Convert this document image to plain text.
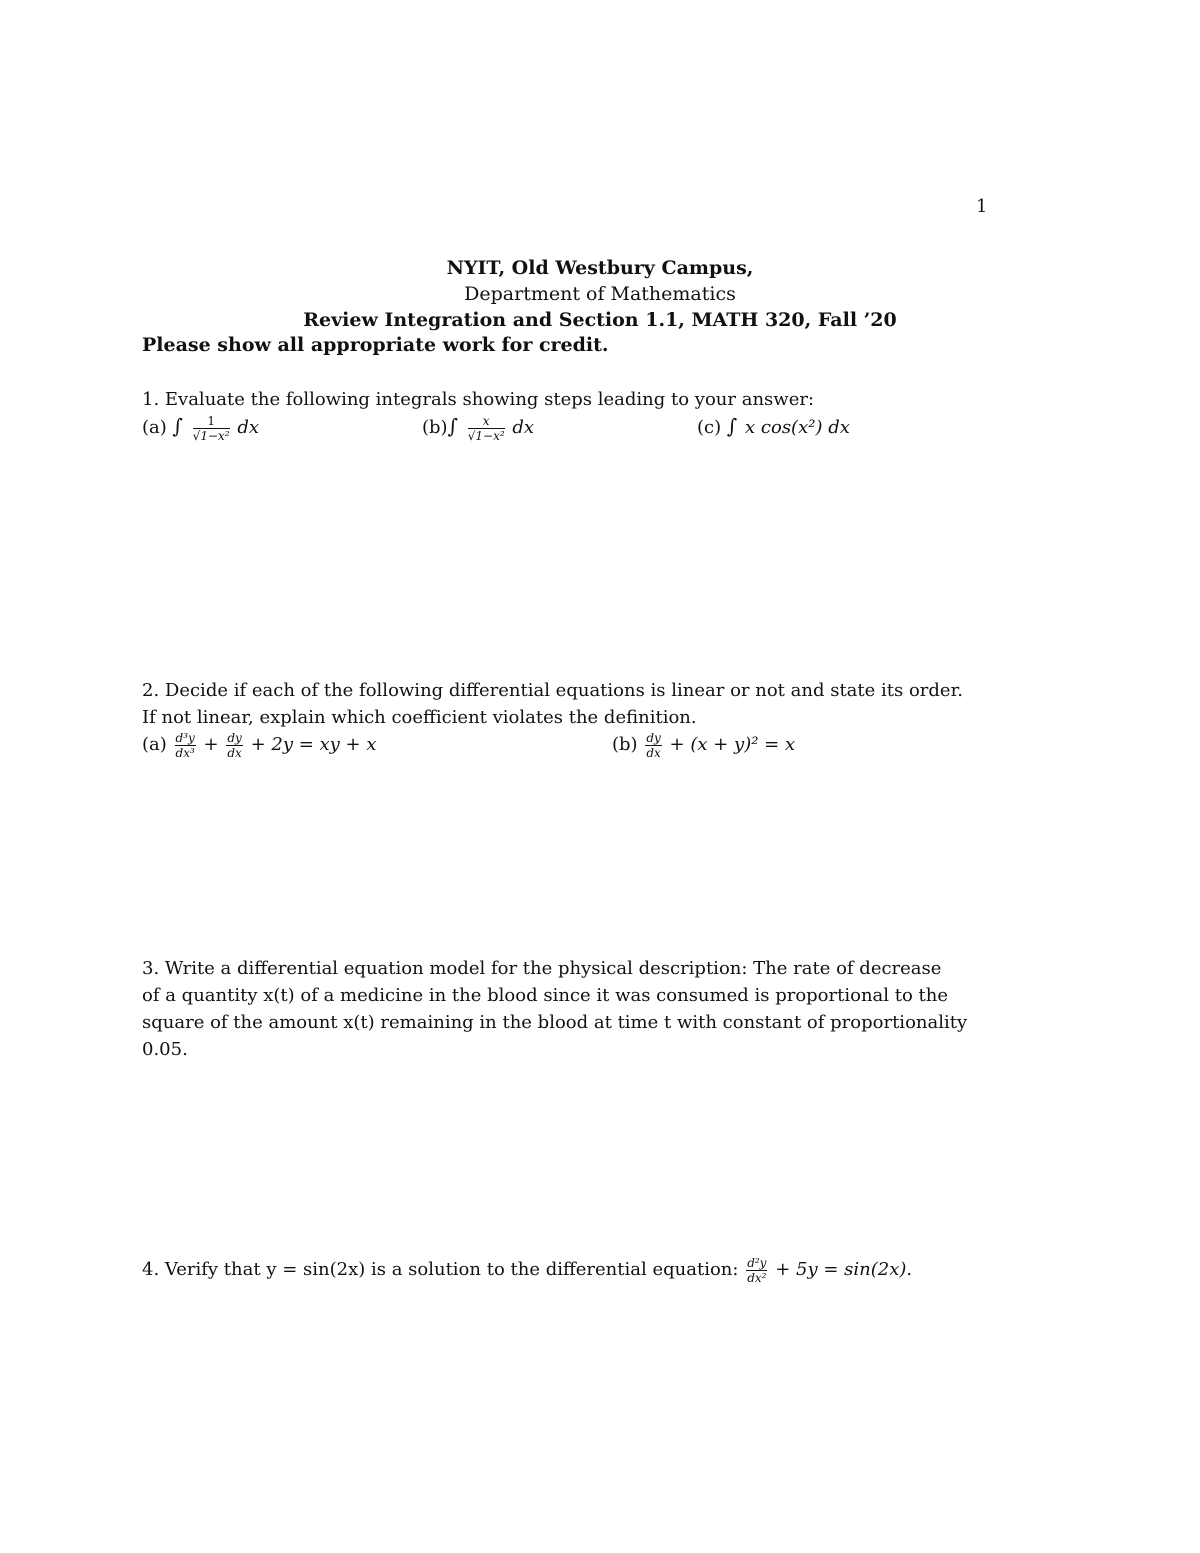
1
NYIT, Old Westbury Campus,
Department of Mathematics
Review Integration and Section 1.1, MATH 320, Fall ’20
Please show all appropriate work for credit.
1. Evaluate the following integrals showing steps leading to your answer:
(a) ∫ $\frac{1}{\text{√1−x²}}$ dx	$(b)\int \frac{x}{\text{√1−x²}}$ dx	(c) ∫ x cos(x²) dx
2. Decide if each of the following differential equations is linear or not and state its order.
If not linear, explain which coefficient violates the definition.
$(a) \frac{\text{d³y}}{\text{dx³}} + \frac{dy}{dx} + 2y$ = xy + x	$(b) \frac{dy}{dx} + (x + y)^2 = x$
3. Write a differential equation model for the physical description: The rate of decrease
of a quantity x(t) of a medicine in the blood since it was consumed is proportional to the
square of the amount x(t) remaining in the blood at time t with constant of proportionality
0.05.
4. Verify that y = sin(2x) is a solution to the differential equation: $\frac{\text{d²y}}{\text{dx²}} + 5y = \sin(2x)$.
